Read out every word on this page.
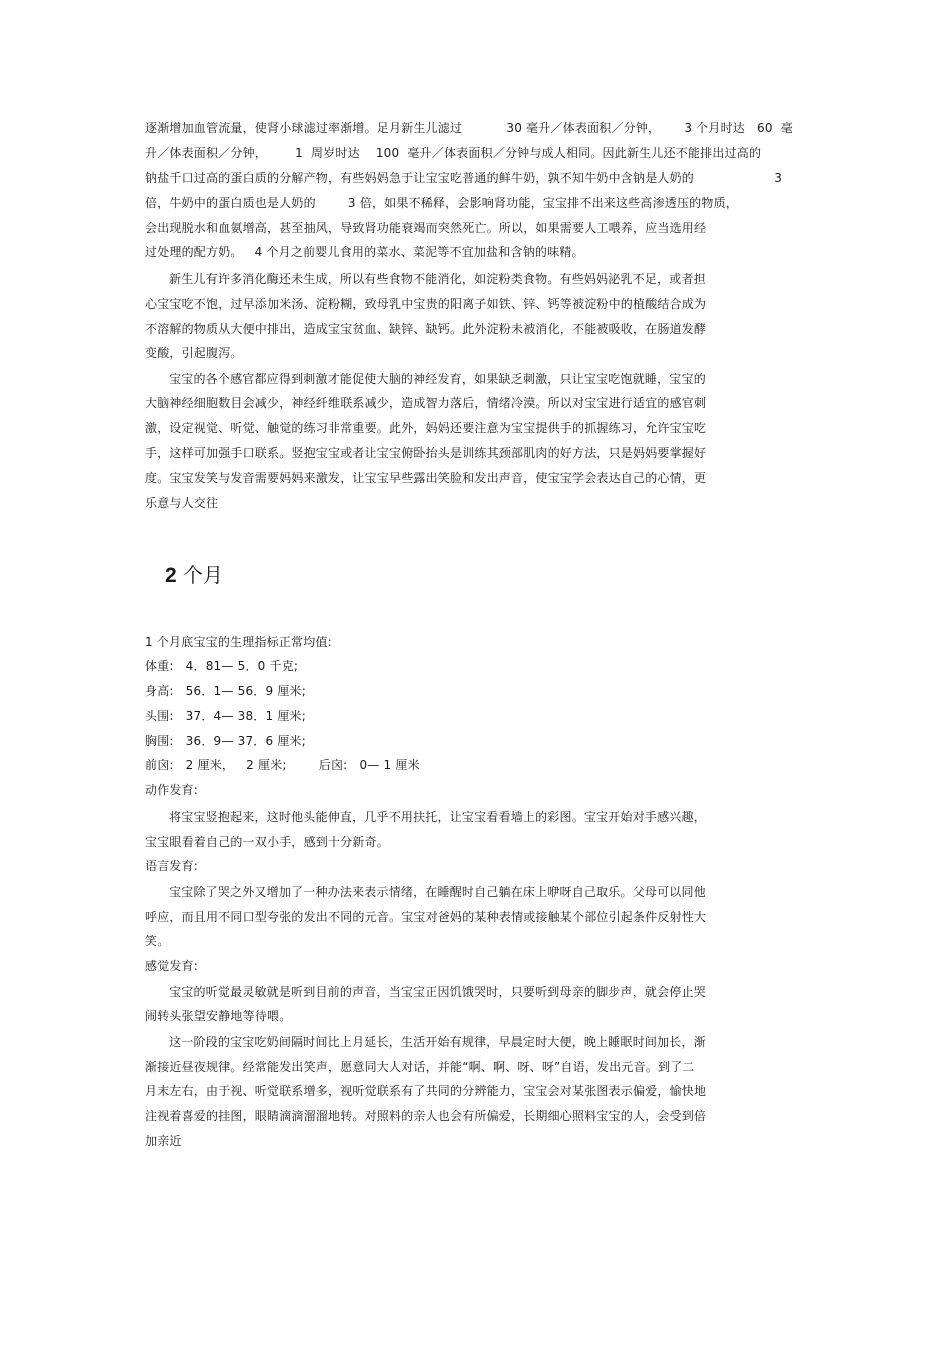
逐渐增加血管流量，使肾小球滤过率渐增。足月新生儿滤过           30 毫升／体表面积／分钟，      3 个月时达   60  毫
升／体表面积／分钟，       1  周岁时达    100  毫升／体表面积／分钟与成人相同。因此新生儿还不能排出过高的
钠盐千口过高的蛋白质的分解产物，有些妈妈急于让宝宝吃普通的鲜牛奶，孰不知牛奶中含钠是人奶的                    3
倍，牛奶中的蛋白质也是人奶的        3 倍，如果不稀释，会影响肾功能，宝宝排不出来这些高渗透压的物质，
会出现脱水和血氨增高，甚至抽风，导致肾功能衰竭而突然死亡。所以，如果需要人工喂养，应当选用经
过处理的配方奶。   4 个月之前婴儿食用的菜水、菜泥等不宜加盐和含钠的味精。
新生儿有许多消化酶还未生成，所以有些食物不能消化，如淀粉类食物。有些妈妈泌乳不足，或者担
心宝宝吃不饱，过早添加米汤、淀粉糊，致母乳中宝贵的阳离子如铁、锌、钙等被淀粉中的植酸结合成为
不溶解的物质从大便中排出，造成宝宝贫血、缺锌、缺钙。此外淀粉未被消化，不能被吸收，在肠道发酵
变酸，引起腹泻。
宝宝的各个感官都应得到刺激才能促使大脑的神经发育，如果缺乏刺激，只让宝宝吃饱就睡，宝宝的
大脑神经细胞数目会减少，神经纤维联系减少，造成智力落后，情绪冷漠。所以对宝宝进行适宜的感官刺
激，设定视觉、听觉、触觉的练习非常重要。此外，妈妈还要注意为宝宝提供手的抓握练习，允许宝宝吃
手，这样可加强手口联系。竖抱宝宝或者让宝宝俯卧抬头是训练其颈部肌肉的好方法，只是妈妈要掌握好
度。宝宝发笑与发音需要妈妈来激发，让宝宝早些露出笑脸和发出声音，使宝宝学会表达自己的心情，更
乐意与人交往
2 个月
1 个月底宝宝的生理指标正常均值:
体重:   4．81— 5．0 千克;
身高:   56．1— 56．9 厘米;
头围:   37．4— 38．1 厘米;
胸围:   36．9— 37．6 厘米;
前囟:   2 厘米，   2 厘米;        后囟:   0— 1 厘米
动作发育:
将宝宝竖抱起来，这时他头能伸直，几乎不用扶托，让宝宝看看墙上的彩图。宝宝开始对手感兴趣，
宝宝眼看着自己的一双小手，感到十分新奇。
语言发育:
宝宝除了哭之外又增加了一种办法来表示情绪，在睡醒时自己躺在床上咿呀自己取乐。父母可以同他
呼应，而且用不同口型夸张的发出不同的元音。宝宝对爸妈的某种表情或接触某个部位引起条件反射性大
笑。
感觉发育:
宝宝的听觉最灵敏就是听到目前的声音，当宝宝正因饥饿哭时，只要听到母亲的脚步声，就会停止哭
闹转头张望安静地等待喂。
这一阶段的宝宝吃奶间隔时间比上月延长，生活开始有规律，早晨定时大便，晚上睡眠时间加长，渐
渐接近昼夜规律。经常能发出笑声，愿意同大人对话，并能“啊、啊、呀、呀”自语，发出元音。到了二
月末左右，由于视、听觉联系增多，视听觉联系有了共同的分辨能力，宝宝会对某张图表示偏爱，愉快地
注视着喜爱的挂图，眼睛滴滴溜溜地转。对照料的亲人也会有所偏爱，长期细心照料宝宝的人，会受到倍
加亲近
